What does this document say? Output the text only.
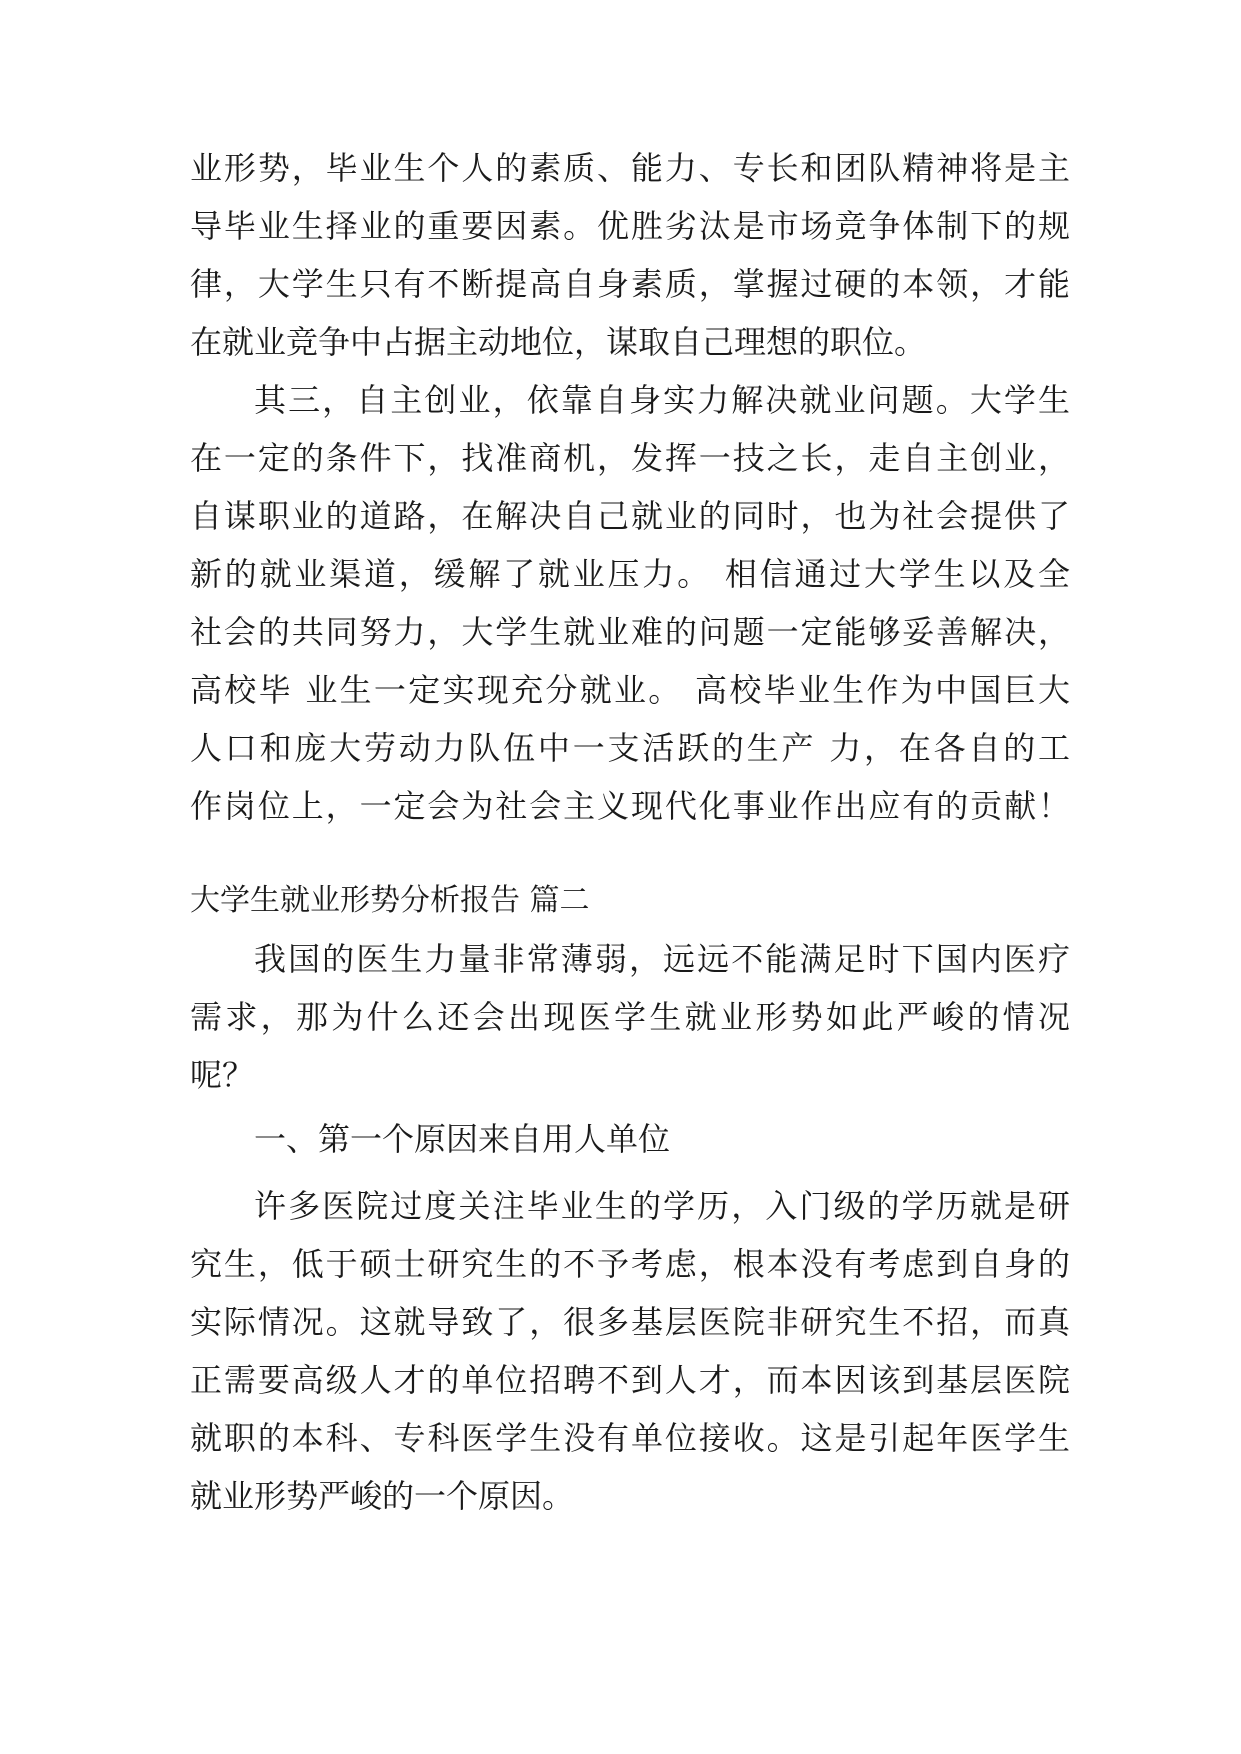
业形势，毕业生个人的素质、能力、专长和团队精神将是主
导毕业生择业的重要因素。优胜劣汰是市场竞争体制下的规
律，大学生只有不断提高自身素质，掌握过硬的本领，才能
在就业竞争中占据主动地位，谋取自己理想的职位。
其三，自主创业，依靠自身实力解决就业问题。大学生
在一定的条件下，找准商机，发挥一技之长，走自主创业，
自谋职业的道路，在解决自己就业的同时，也为社会提供了
新的就业渠道，缓解了就业压力。 相信通过大学生以及全
社会的共同努力，大学生就业难的问题一定能够妥善解决，
高校毕 业生一定实现充分就业。 高校毕业生作为中国巨大
人口和庞大劳动力队伍中一支活跃的生产 力，在各自的工
作岗位上，一定会为社会主义现代化事业作出应有的贡献！
大学生就业形势分析报告 篇二
我国的医生力量非常薄弱，远远不能满足时下国内医疗
需求，那为什么还会出现医学生就业形势如此严峻的情况
呢？
一、第一个原因来自用人单位
许多医院过度关注毕业生的学历，入门级的学历就是研
究生，低于硕士研究生的不予考虑，根本没有考虑到自身的
实际情况。这就导致了，很多基层医院非研究生不招，而真
正需要高级人才的单位招聘不到人才，而本因该到基层医院
就职的本科、专科医学生没有单位接收。这是引起年医学生
就业形势严峻的一个原因。
